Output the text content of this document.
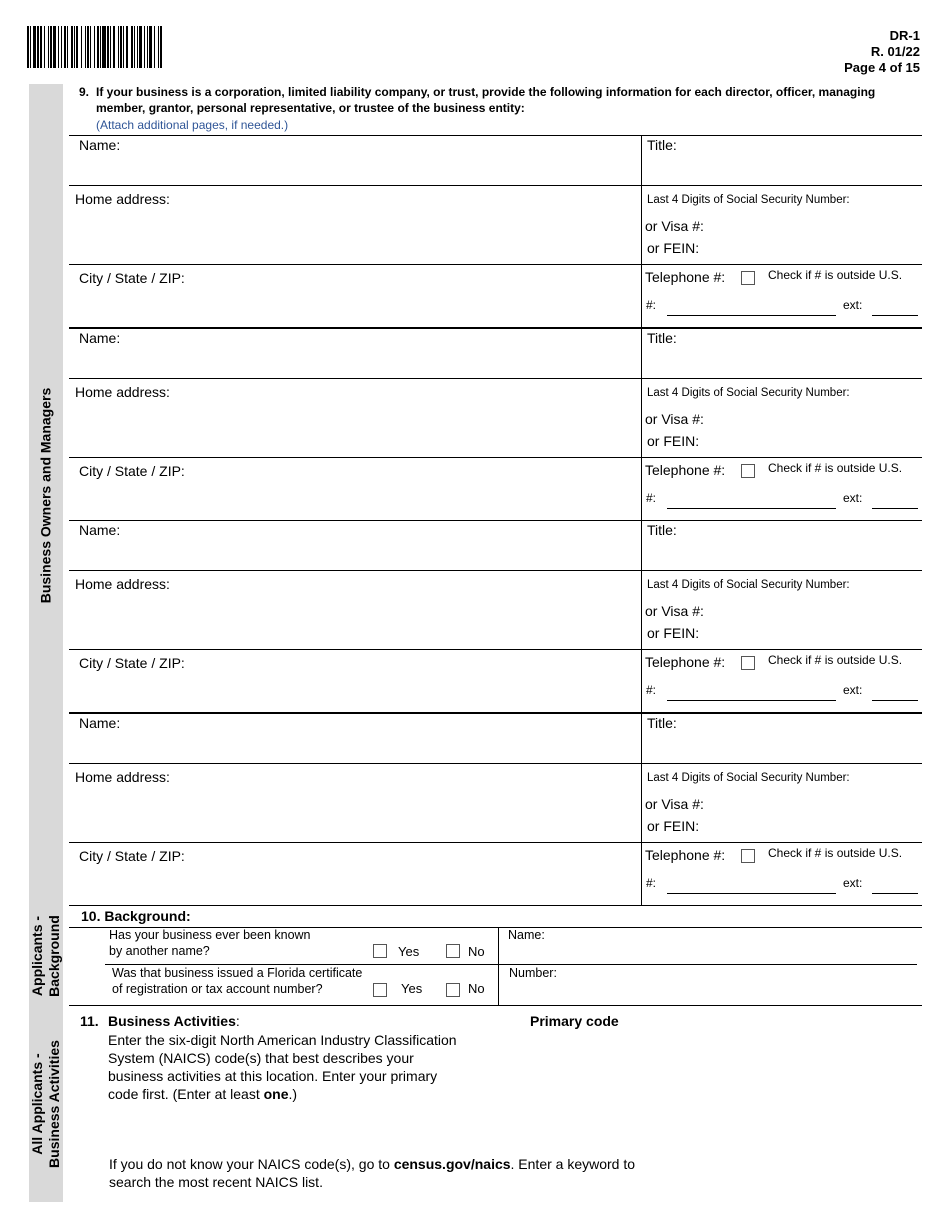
DR-1
R. 01/22
Page 4 of 15
Business Owners and Managers
Applicants -
Background
All Applicants -
Business Activities
9. If your business is a corporation, limited liability company, or trust, provide the following information for each director, officer, managing member, grantor, personal representative, or trustee of the business entity:
(Attach additional pages, if needed.)
Name:	Title:
Home address:	Last 4 Digits of Social Security Number:
or Visa #:
or FEIN:
City / State / ZIP:	Telephone #:	Check if # is outside U.S.
#:	ext:
Name:	Title:
Home address:	Last 4 Digits of Social Security Number:
or Visa #:
or FEIN:
City / State / ZIP:	Telephone #:	Check if # is outside U.S.
#:	ext:
Name:	Title:
Home address:	Last 4 Digits of Social Security Number:
or Visa #:
or FEIN:
City / State / ZIP:	Telephone #:	Check if # is outside U.S.
#:	ext:
Name:	Title:
Home address:	Last 4 Digits of Social Security Number:
or Visa #:
or FEIN:
City / State / ZIP:	Telephone #:	Check if # is outside U.S.
#:	ext:
10. Background:
Has your business ever been known
by another name?	Yes	No
Name:
Was that business issued a Florida certificate
of registration or tax account number?	Yes	No
Number:
11. Business Activities:	Primary code
Enter the six-digit North American Industry Classification
System (NAICS) code(s) that best describes your
business activities at this location. Enter your primary
code first. (Enter at least one.)
If you do not know your NAICS code(s), go to census.gov/naics. Enter a keyword to
search the most recent NAICS list.
